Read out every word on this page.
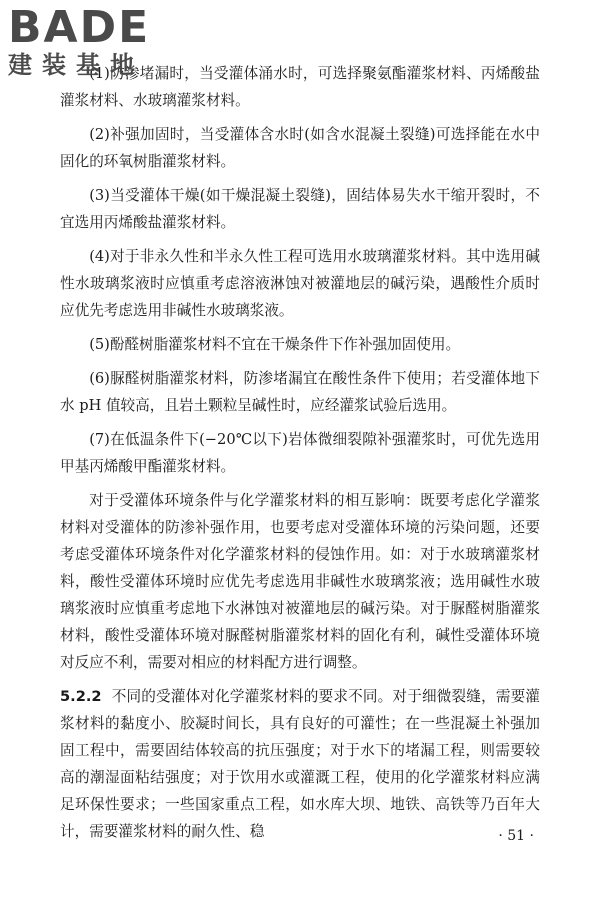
BADE
建装基地

(1)防渗堵漏时，当受灌体涌水时，可选择聚氨酯灌浆材料、丙烯酸盐灌浆材料、水玻璃灌浆材料。

(2)补强加固时，当受灌体含水时(如含水混凝土裂缝)可选择能在水中固化的环氧树脂灌浆材料。

(3)当受灌体干燥(如干燥混凝土裂缝)，固结体易失水干缩开裂时，不宜选用丙烯酸盐灌浆材料。

(4)对于非永久性和半永久性工程可选用水玻璃灌浆材料。其中选用碱性水玻璃浆液时应慎重考虑溶液淋蚀对被灌地层的碱污染，遇酸性介质时应优先考虑选用非碱性水玻璃浆液。

(5)酚醛树脂灌浆材料不宜在干燥条件下作补强加固使用。

(6)脲醛树脂灌浆材料，防渗堵漏宜在酸性条件下使用；若受灌体地下水 pH 值较高，且岩土颗粒呈碱性时，应经灌浆试验后选用。

(7)在低温条件下(−20℃以下)岩体微细裂隙补强灌浆时，可优先选用甲基丙烯酸甲酯灌浆材料。

对于受灌体环境条件与化学灌浆材料的相互影响：既要考虑化学灌浆材料对受灌体的防渗补强作用，也要考虑对受灌体环境的污染问题，还要考虑受灌体环境条件对化学灌浆材料的侵蚀作用。如：对于水玻璃灌浆材料，酸性受灌体环境时应优先考虑选用非碱性水玻璃浆液；选用碱性水玻璃浆液时应慎重考虑地下水淋蚀对被灌地层的碱污染。对于脲醛树脂灌浆材料，酸性受灌体环境对脲醛树脂灌浆材料的固化有利，碱性受灌体环境对反应不利，需要对相应的材料配方进行调整。

5.2.2 不同的受灌体对化学灌浆材料的要求不同。对于细微裂缝，需要灌浆材料的黏度小、胶凝时间长，具有良好的可灌性；在一些混凝土补强加固工程中，需要固结体较高的抗压强度；对于水下的堵漏工程，则需要较高的潮湿面粘结强度；对于饮用水或灌溉工程，使用的化学灌浆材料应满足环保性要求；一些国家重点工程，如水库大坝、地铁、高铁等乃百年大计，需要灌浆材料的耐久性、稳	· 51 ·
